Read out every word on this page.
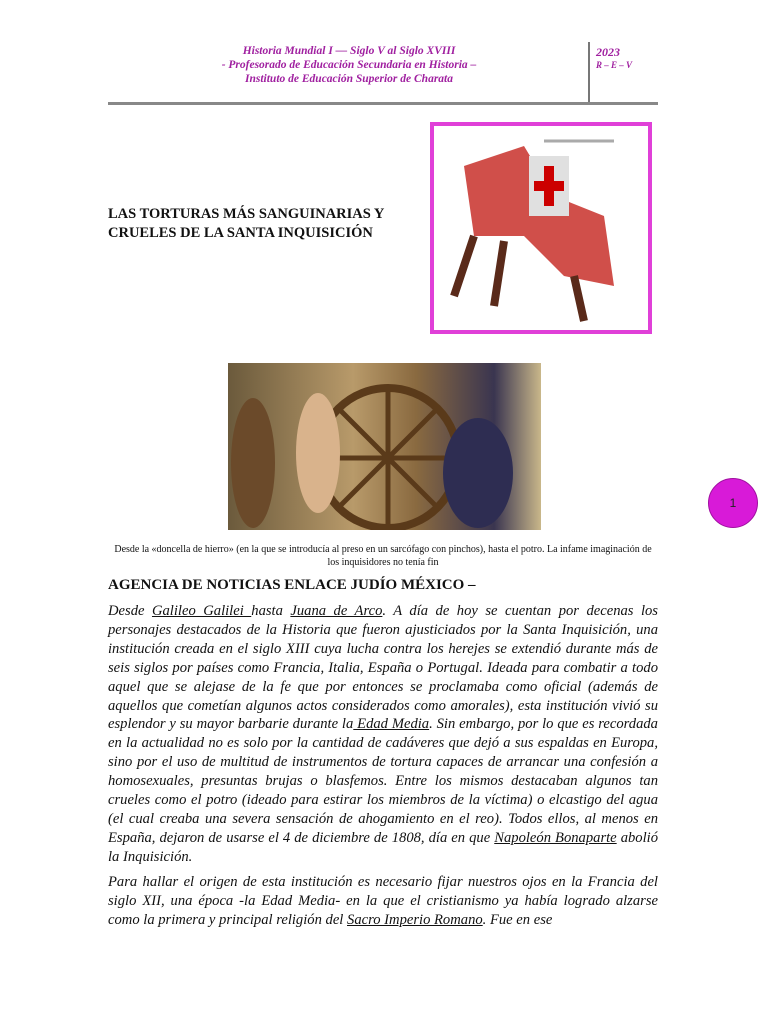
Historia Mundial I — Siglo V al Siglo XVIII
- Profesorado de Educación Secundaria en Historia –
Instituto de Educación Superior de Charata
2023
R – E – V
LAS TORTURAS MÁS SANGUINARIAS Y
CRUELES DE LA SANTA INQUISICIÓN
Desde la «doncella de hierro» (en la que se introducía al preso en un sarcófago con pinchos), hasta el potro. La infame imaginación de los inquisidores no tenía fin
AGENCIA DE NOTICIAS ENLACE JUDÍO MÉXICO –

Desde Galileo Galilei hasta Juana de Arco. A día de hoy se cuentan por decenas los personajes destacados de la Historia que fueron ajusticiados por la Santa Inquisición, una institución creada en el siglo XIII cuya lucha contra los herejes se extendió durante más de seis siglos por países como Francia, Italia, España o Portugal. Ideada para combatir a todo aquel que se alejase de la fe que por entonces se proclamaba como oficial (además de aquellos que cometían algunos actos considerados como amorales), esta institución vivió su esplendor y su mayor barbarie durante la Edad Media. Sin embargo, por lo que es recordada en la actualidad no es solo por la cantidad de cadáveres que dejó a sus espaldas en Europa, sino por el uso de multitud de instrumentos de tortura capaces de arrancar una confesión a homosexuales, presuntas brujas o blasfemos. Entre los mismos destacaban algunos tan crueles como el potro (ideado para estirar los miembros de la víctima) o elcastigo del agua (el cual creaba una severa sensación de ahogamiento en el reo). Todos ellos, al menos en España, dejaron de usarse el 4 de diciembre de 1808, día en que Napoleón Bonaparte abolió la Inquisición.

Para hallar el origen de esta institución es necesario fijar nuestros ojos en la Francia del siglo XII, una época -la Edad Media- en la que el cristianismo ya había logrado alzarse como la primera y principal religión del Sacro Imperio Romano. Fue en ese

1
